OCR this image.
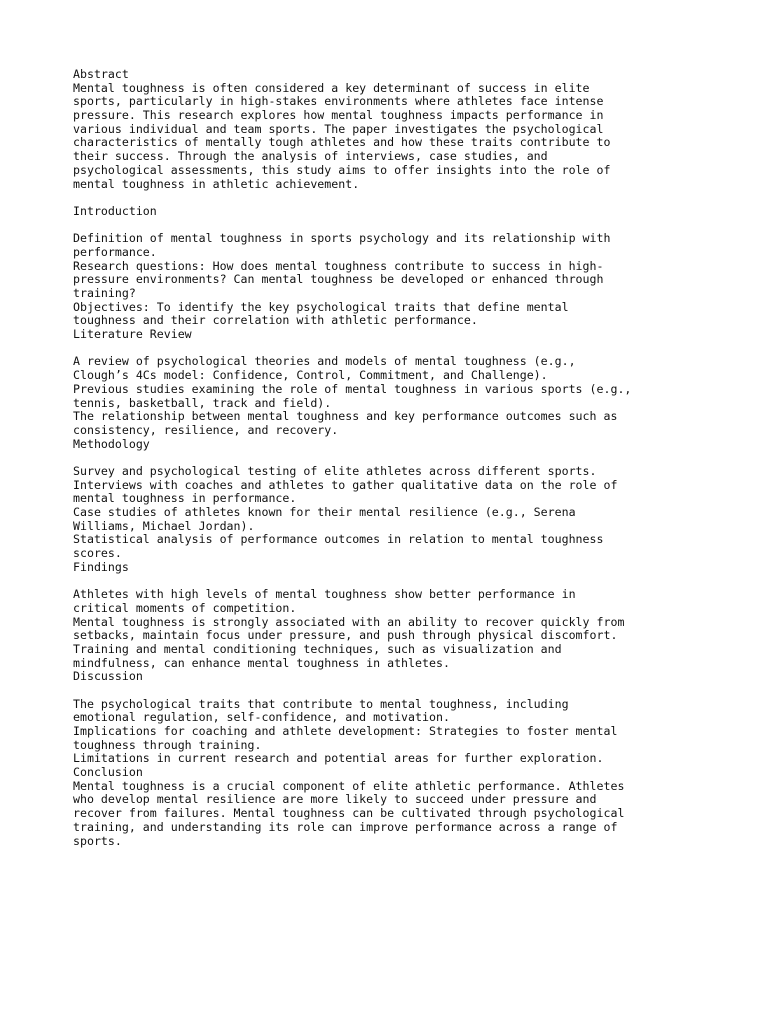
Abstract
Mental toughness is often considered a key determinant of success in elite
sports, particularly in high-stakes environments where athletes face intense
pressure. This research explores how mental toughness impacts performance in
various individual and team sports. The paper investigates the psychological
characteristics of mentally tough athletes and how these traits contribute to
their success. Through the analysis of interviews, case studies, and
psychological assessments, this study aims to offer insights into the role of
mental toughness in athletic achievement.
Introduction
Definition of mental toughness in sports psychology and its relationship with
performance.
Research questions: How does mental toughness contribute to success in high-
pressure environments? Can mental toughness be developed or enhanced through
training?
Objectives: To identify the key psychological traits that define mental
toughness and their correlation with athletic performance.
Literature Review
A review of psychological theories and models of mental toughness (e.g.,
Clough’s 4Cs model: Confidence, Control, Commitment, and Challenge).
Previous studies examining the role of mental toughness in various sports (e.g.,
tennis, basketball, track and field).
The relationship between mental toughness and key performance outcomes such as
consistency, resilience, and recovery.
Methodology
Survey and psychological testing of elite athletes across different sports.
Interviews with coaches and athletes to gather qualitative data on the role of
mental toughness in performance.
Case studies of athletes known for their mental resilience (e.g., Serena
Williams, Michael Jordan).
Statistical analysis of performance outcomes in relation to mental toughness
scores.
Findings
Athletes with high levels of mental toughness show better performance in
critical moments of competition.
Mental toughness is strongly associated with an ability to recover quickly from
setbacks, maintain focus under pressure, and push through physical discomfort.
Training and mental conditioning techniques, such as visualization and
mindfulness, can enhance mental toughness in athletes.
Discussion
The psychological traits that contribute to mental toughness, including
emotional regulation, self-confidence, and motivation.
Implications for coaching and athlete development: Strategies to foster mental
toughness through training.
Limitations in current research and potential areas for further exploration.
Conclusion
Mental toughness is a crucial component of elite athletic performance. Athletes
who develop mental resilience are more likely to succeed under pressure and
recover from failures. Mental toughness can be cultivated through psychological
training, and understanding its role can improve performance across a range of
sports.
